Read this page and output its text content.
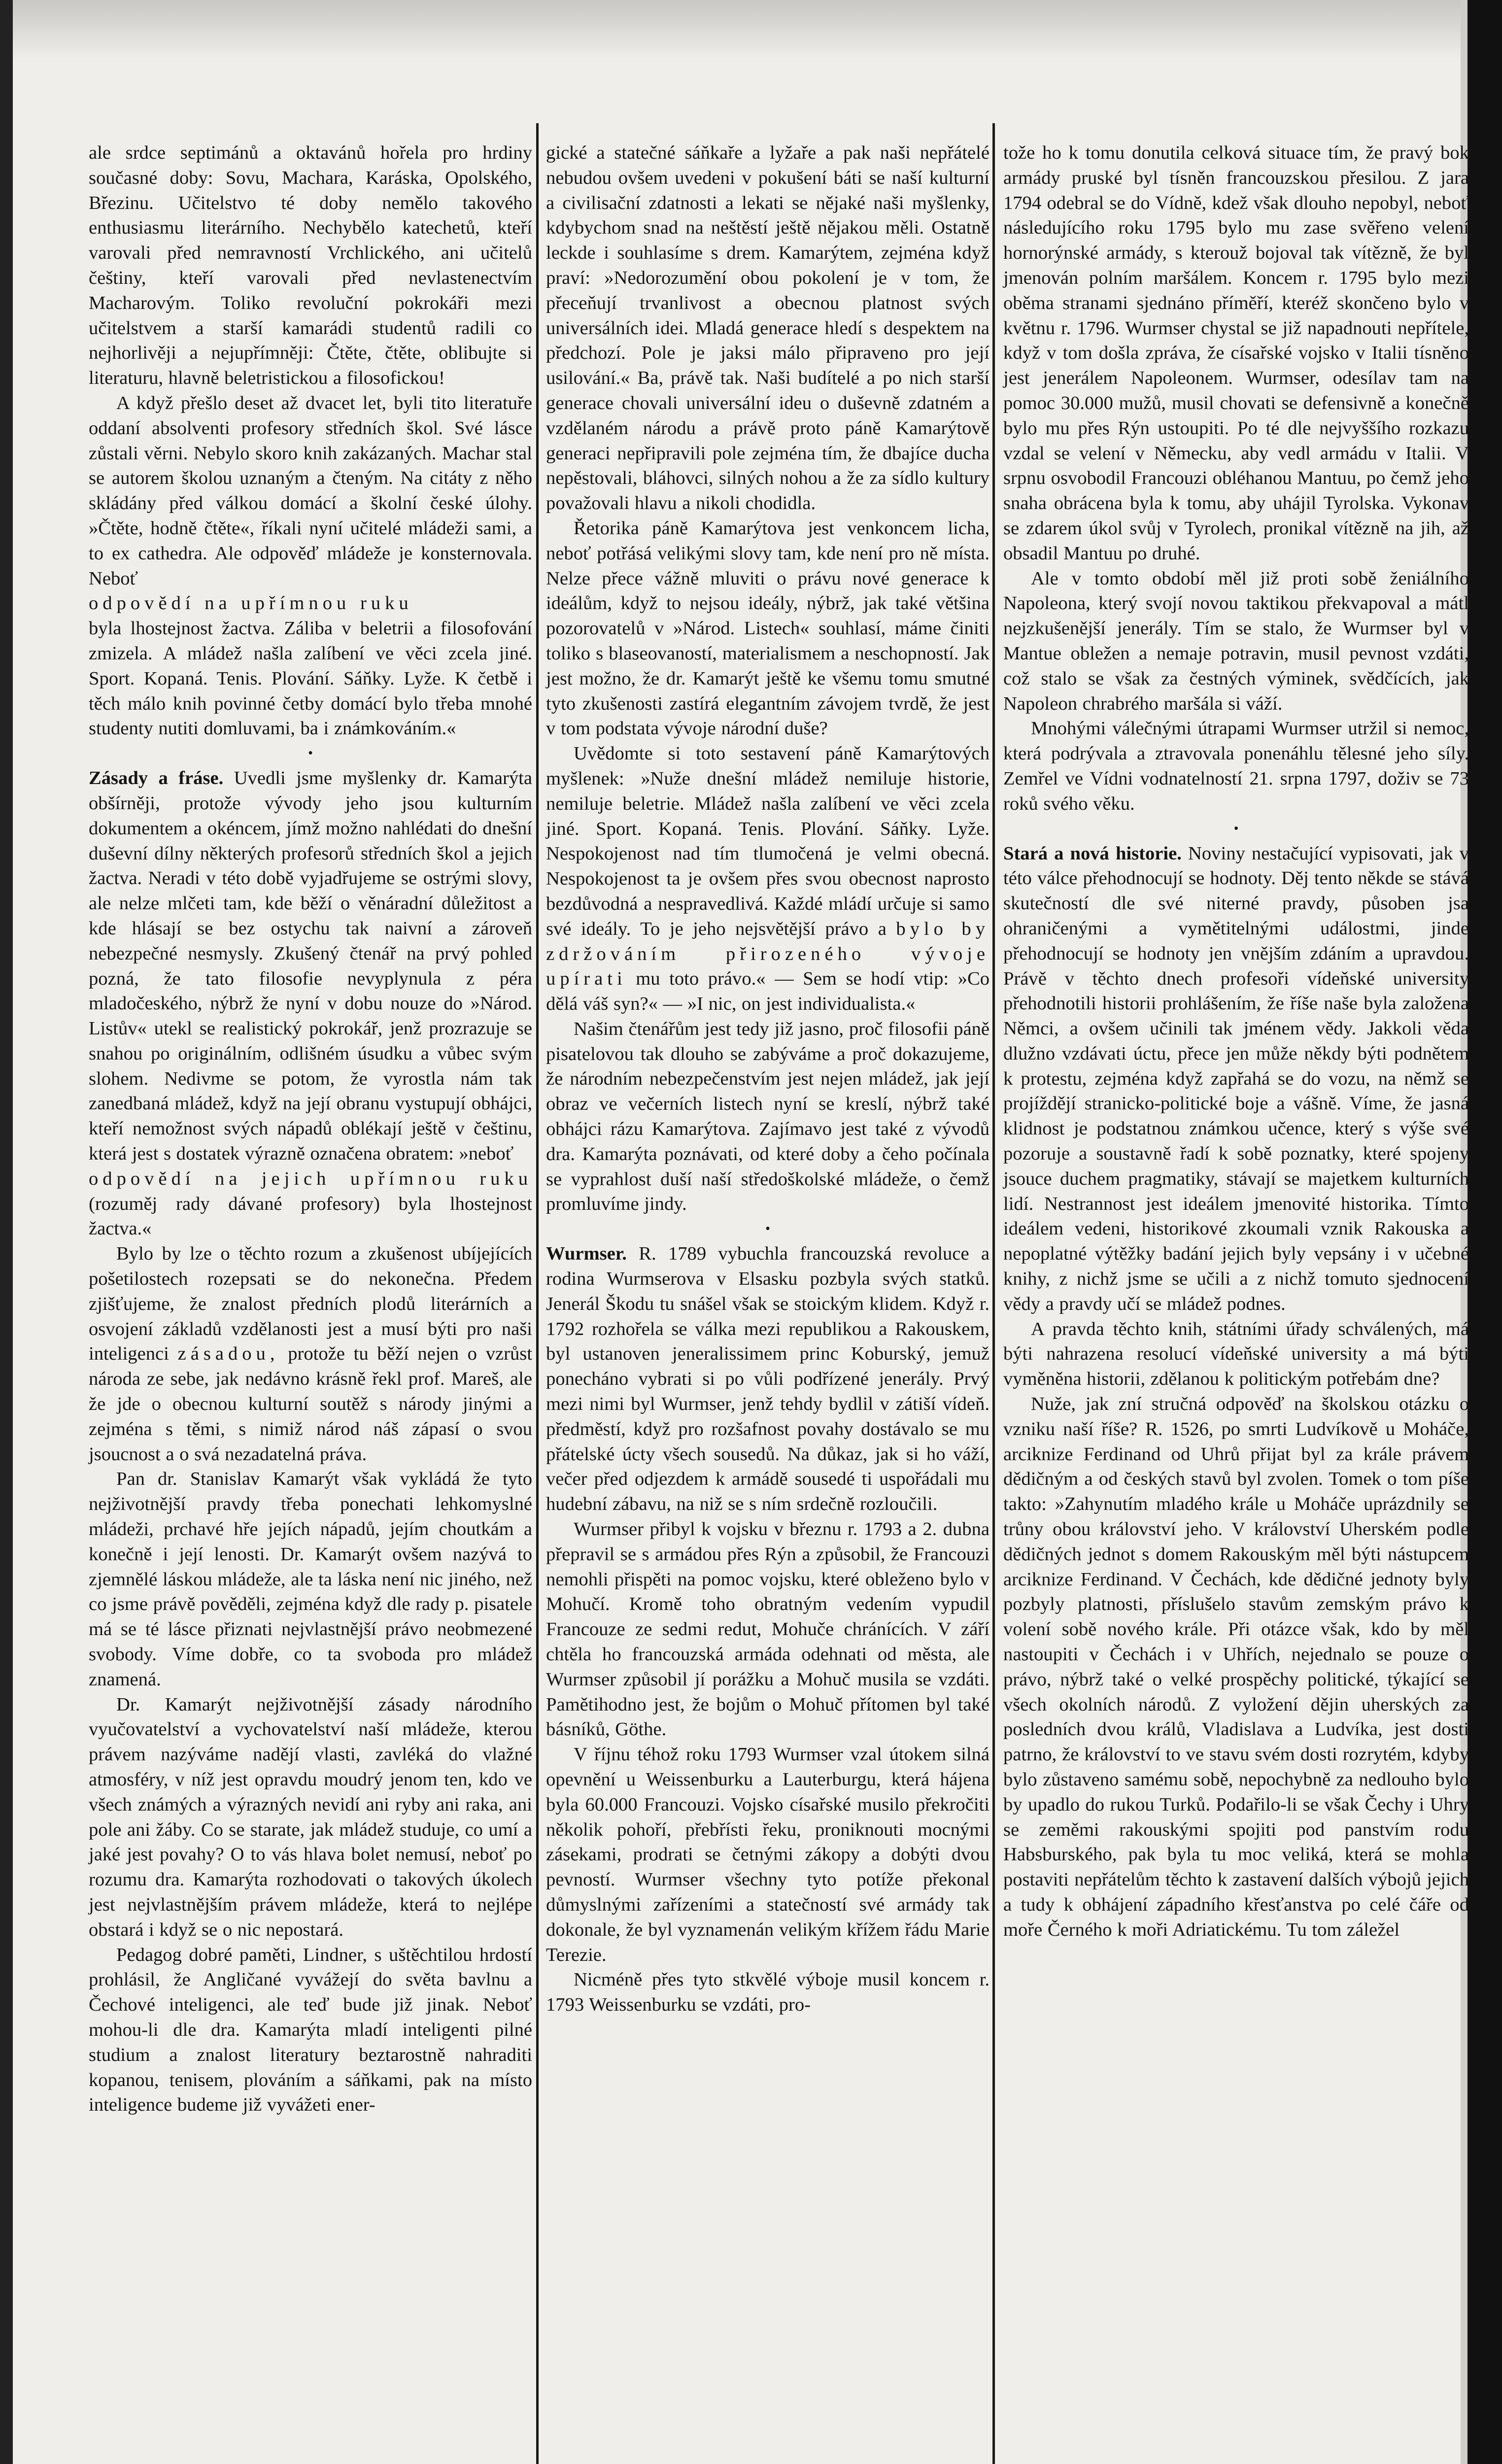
ale srdce septimánů a oktavánů hořela pro hrdiny současné doby: Sovu, Machara, Karáska, Opolského, Březinu. Učitelstvo té doby nemělo takového enthusiasmu literárního. Nechybělo katechetů, kteří varovali před nemravností Vrchlického, ani učitelů češtiny, kteří varovali před nevlastenectvím Macharovým. Toliko revoluční pokrokáři mezi učitelstvem a starší kamarádi studentů radili co nejhorlivěji a nejupřímněji: Čtěte, čtěte, oblibujte si literaturu, hlavně beletristickou a filosofickou!

A když přešlo deset až dvacet let, byli tito literatuře oddaní absolventi profesory středních škol. Své lásce zůstali věrni. Nebylo skoro knih zakázaných. Machar stal se autorem školou uznaným a čteným. Na citáty z něho skládány před válkou domácí a školní české úlohy. »Čtěte, hodně čtěte«, říkali nyní učitelé mládeži sami, a to ex cathedra. Ale odpověď mládeže je konsternovala. Neboť

odpovědí na upřímnou ruku

byla lhostejnost žactva. Záliba v beletrii a filosofování zmizela. A mládež našla zalíbení ve věci zcela jiné. Sport. Kopaná. Tenis. Plování. Sáňky. Lyže. K četbě i těch málo knih povinné četby domácí bylo třeba mnohé studenty nutiti domluvami, ba i známkováním.«

•

Zásady a fráse. Uvedli jsme myšlenky dr. Kamarýta obšírněji, protože vývody jeho jsou kulturním dokumentem a okéncem, jímž možno nahlédati do dnešní duševní dílny některých profesorů středních škol a jejich žactva. Neradi v této době vyjadřujeme se ostrými slovy, ale nelze mlčeti tam, kde běží o věnáradní důležitost a kde hlásají se bez ostychu tak naivní a zároveň nebezpečné nesmysly. Zkušený čtenář na prvý pohled pozná, že tato filosofie nevyplynula z péra mladočeského, nýbrž že nyní v dobu nouze do »Národ. Listův« utekl se realistický pokrokář, jenž prozrazuje se snahou po originálním, odlišném úsudku a vůbec svým slohem. Nedivme se potom, že vyrostla nám tak zanedbaná mládež, když na její obranu vystupují obhájci, kteří nemožnost svých nápadů oblékají ještě v češtinu, která jest s dostatek výrazně označena obratem: »neboť

odpovědí na jejich upřímnou ruku (rozuměj rady dávané profesory) byla lhostejnost žactva.«

Bylo by lze o těchto rozum a zkušenost ubíjejících pošetilostech rozepsati se do nekonečna. Předem zjišťujeme, že znalost předních plodů literárních a osvojení základů vzdělanosti jest a musí býti pro naši inteligenci zásadou, protože tu běží nejen o vzrůst národa ze sebe, jak nedávno krásně řekl prof. Mareš, ale že jde o obecnou kulturní soutěž s národy jinými a zejména s těmi, s nimiž národ náš zápasí o svou jsoucnost a o svá nezadatelná práva.

Pan dr. Stanislav Kamarýt však vykládá že tyto nejživotnější pravdy třeba ponechati lehkomyslné mládeži, prchavé hře jejích nápadů, jejím choutkám a konečně i její lenosti. Dr. Kamarýt ovšem nazývá to zjemnělé láskou mládeže, ale ta láska není nic jiného, než co jsme právě pověděli, zejména když dle rady p. pisatele má se té lásce přiznati nejvlastnější právo neobmezené svobody. Víme dobře, co ta svoboda pro mládež znamená.

Dr. Kamarýt nejživotnější zásady národního vyučovatelství a vychovatelství naší mládeže, kterou právem nazýváme nadějí vlasti, zavléká do vlažné atmosféry, v níž jest opravdu moudrý jenom ten, kdo ve všech známých a výrazných nevidí ani ryby ani raka, ani pole ani žáby. Co se starate, jak mládež studuje, co umí a jaké jest povahy? O to vás hlava bolet nemusí, neboť po rozumu dra. Kamarýta rozhodovati o takových úkolech jest nejvlastnějším právem mládeže, která to nejlépe obstará i když se o nic nepostará.

Pedagog dobré paměti, Lindner, s uštěchtilou hrdostí prohlásil, že Angličané vyvážejí do světa bavlnu a Čechové inteligenci, ale teď bude již jinak. Neboť mohou-li dle dra. Kamarýta mladí inteligenti pilné studium a znalost literatury beztarostně nahraditi kopanou, tenisem, plováním a sáňkami, pak na místo inteligence budeme již vyvážeti ener-

gické a statečné sáňkaře a lyžaře a pak naši nepřátelé nebudou ovšem uvedeni v pokušení báti se naší kulturní a civilisační zdatnosti a lekati se nějaké naši myšlenky, kdybychom snad na neštěstí ještě nějakou měli. Ostatně leckde i souhlasíme s drem. Kamarýtem, zejména když praví: »Nedorozumění obou pokolení je v tom, že přeceňují trvanlivost a obecnou platnost svých universálních idei. Mladá generace hledí s despektem na předchozí. Pole je jaksi málo připraveno pro její usilování.« Ba, právě tak. Naši budítelé a po nich starší generace chovali universální ideu o duševně zdatném a vzdělaném národu a právě proto páně Kamarýtově generaci nepřipravili pole zejména tím, že dbajíce ducha nepěstovali, bláhovci, silných nohou a že za sídlo kultury považovali hlavu a nikoli chodidla.

Řetorika páně Kamarýtova jest venkoncem licha, neboť potřásá velikými slovy tam, kde není pro ně místa. Nelze přece vážně mluviti o právu nové generace k ideálům, když to nejsou ideály, nýbrž, jak také většina pozorovatelů v »Národ. Listech« souhlasí, máme činiti toliko s blaseovaností, materialismem a neschopností. Jak jest možno, že dr. Kamarýt ještě ke všemu tomu smutné tyto zkušenosti zastírá elegantním závojem tvrdě, že jest v tom podstata vývoje národní duše?

Uvědomte si toto sestavení páně Kamarýtových myšlenek: »Nuže dnešní mládež nemiluje historie, nemiluje beletrie. Mládež našla zalíbení ve věci zcela jiné. Sport. Kopaná. Tenis. Plování. Sáňky. Lyže. Nespokojenost nad tím tlumočená je velmi obecná. Nespokojenost ta je ovšem přes svou obecnost naprosto bezdůvodná a nespravedlivá. Každé mládí určuje si samo své ideály. To je jeho nejsvětější právo a bylo by zdržováním přirozeného vývoje upírati mu toto právo.« — Sem se hodí vtip: »Co dělá váš syn?« — »I nic, on jest individualista.«

Našim čtenářům jest tedy již jasno, proč filosofii páně pisatelovou tak dlouho se zabýváme a proč dokazujeme, že národním nebezpečenstvím jest nejen mládež, jak její obraz ve večerních listech nyní se kreslí, nýbrž také obhájci rázu Kamarýtova. Zajímavo jest také z vývodů dra. Kamarýta poznávati, od které doby a čeho počínala se vyprahlost duší naší středoškolské mládeže, o čemž promluvíme jindy.

•

Wurmser. R. 1789 vybuchla francouzská revoluce a rodina Wurmserova v Elsasku pozbyla svých statků. Jenerál Škodu tu snášel však se stoickým klidem. Když r. 1792 rozhořela se válka mezi republikou a Rakouskem, byl ustanoven jeneralissimem princ Koburský, jemuž ponecháno vybrati si po vůli podřízené jenerály. Prvý mezi nimi byl Wurmser, jenž tehdy bydlil v zátiší vídeň. předměstí, když pro rozšafnost povahy dostávalo se mu přátelské úcty všech sousedů. Na důkaz, jak si ho váží, večer před odjezdem k armádě sousedé ti uspořádali mu hudební zábavu, na niž se s ním srdečně rozloučili.

Wurmser přibyl k vojsku v březnu r. 1793 a 2. dubna přepravil se s armádou přes Rýn a způsobil, že Francouzi nemohli přispěti na pomoc vojsku, které obleženo bylo v Mohučí. Kromě toho obratným vedením vypudil Francouze ze sedmi redut, Mohuče chránících. V září chtěla ho francouzská armáda odehnati od města, ale Wurmser způsobil jí porážku a Mohuč musila se vzdáti. Pamětihodno jest, že bojům o Mohuč přítomen byl také básníků, Göthe.

V říjnu téhož roku 1793 Wurmser vzal útokem silná opevnění u Weissenburku a Lauterburgu, která hájena byla 60.000 Francouzi. Vojsko císařské musilo překročiti několik pohoří, přebřísti řeku, proniknouti mocnými zásekami, prodrati se četnými zákopy a dobýti dvou pevností. Wurmser všechny tyto potíže překonal důmyslnými zařízeními a statečností své armády tak dokonale, že byl vyznamenán velikým křížem řádu Marie Terezie.

Nicméně přes tyto stkvělé výboje musil koncem r. 1793 Weissenburku se vzdáti, pro-

tože ho k tomu donutila celková situace tím, že pravý bok armády pruské byl tísněn francouzskou přesilou. Z jara 1794 odebral se do Vídně, kdež však dlouho nepobyl, neboť následujícího roku 1795 bylo mu zase svěřeno velení hornorýnské armády, s kterouž bojoval tak vítězně, že byl jmenován polním maršálem. Koncem r. 1795 bylo mezi oběma stranami sjednáno příměří, kteréž skončeno bylo v květnu r. 1796. Wurmser chystal se již napadnouti nepřítele, když v tom došla zpráva, že císařské vojsko v Italii tísněno jest jenerálem Napoleonem. Wurmser, odesílav tam na pomoc 30.000 mužů, musil chovati se defensivně a konečně bylo mu přes Rýn ustoupiti. Po té dle nejvyššího rozkazu vzdal se velení v Německu, aby vedl armádu v Italii. V srpnu osvobodil Francouzi obléhanou Mantuu, po čemž jeho snaha obrácena byla k tomu, aby uhájil Tyrolska. Vykonav se zdarem úkol svůj v Tyrolech, pronikal vítězně na jih, až obsadil Mantuu po druhé.

Ale v tomto období měl již proti sobě ženiálního Napoleona, který svojí novou taktikou překvapoval a mátl nejzkušenější jenerály. Tím se stalo, že Wurmser byl v Mantue obležen a nemaje potravin, musil pevnost vzdáti, což stalo se však za čestných výminek, svědčících, jak Napoleon chrabrého maršála si váží.

Mnohými válečnými útrapami Wurmser utržil si nemoc, která podrývala a ztravovala ponenáhlu tělesné jeho síly. Zemřel ve Vídni vodnatelností 21. srpna 1797, doživ se 73 roků svého věku.

•

Stará a nová historie. Noviny nestačující vypisovati, jak v této válce přehodnocují se hodnoty. Děj tento někde se stává skutečností dle své niterné pravdy, působen jsa ohraničenými a vymětitelnými událostmi, jinde přehodnocují se hodnoty jen vnějším zdáním a upravdou. Právě v těchto dnech profesoři vídeňské university přehodnotili historii prohlášením, že říše naše byla založena Němci, a ovšem učinili tak jménem vědy. Jakkoli věda dlužno vzdávati úctu, přece jen může někdy býti podnětem k protestu, zejména když zapřahá se do vozu, na němž se projíždějí stranicko-politické boje a vášně. Víme, že jasná klidnost je podstatnou známkou učence, který s výše své pozoruje a soustavně řadí k sobě poznatky, které spojeny jsouce duchem pragmatiky, stávají se majetkem kulturních lidí. Nestrannost jest ideálem jmenovité historika. Tímto ideálem vedeni, historikové zkoumali vznik Rakouska a nepoplatné výtěžky badání jejich byly vepsány i v učebné knihy, z nichž jsme se učili a z nichž tomuto sjednocení vědy a pravdy učí se mládež podnes.

A pravda těchto knih, státními úřady schválených, má býti nahrazena resolucí vídeňské university a má býti vyměněna historii, zdělanou k politickým potřebám dne?

Nuže, jak zní stručná odpověď na školskou otázku o vzniku naší říše? R. 1526, po smrti Ludvíkově u Moháče, arciknize Ferdinand od Uhrů přijat byl za krále právem dědičným a od českých stavů byl zvolen. Tomek o tom píše takto: »Zahynutím mladého krále u Moháče uprázdnily se trůny obou království jeho. V království Uherském podle dědičných jednot s domem Rakouským měl býti nástupcem arciknize Ferdinand. V Čechách, kde dědičné jednoty byly pozbyly platnosti, příslušelo stavům zemským právo k volení sobě nového krále. Při otázce však, kdo by měl nastoupiti v Čechách i v Uhřích, nejednalo se pouze o právo, nýbrž také o velké prospěchy politické, týkající se všech okolních národů. Z vyložení dějin uherských za posledních dvou králů, Vladislava a Ludvíka, jest dosti patrno, že království to ve stavu svém dosti rozrytém, kdyby bylo zůstaveno samému sobě, nepochybně za nedlouho bylo by upadlo do rukou Turků. Podařilo-li se však Čechy i Uhry se zeměmi rakouskými spojiti pod panstvím rodu Habsburského, pak byla tu moc veliká, která se mohla postaviti nepřátelům těchto k zastavení dalších výbojů jejich a tudy k obhájení západního křesťanstva po celé čáře od moře Černého k moři Adriatickému. Tu tom záležel
